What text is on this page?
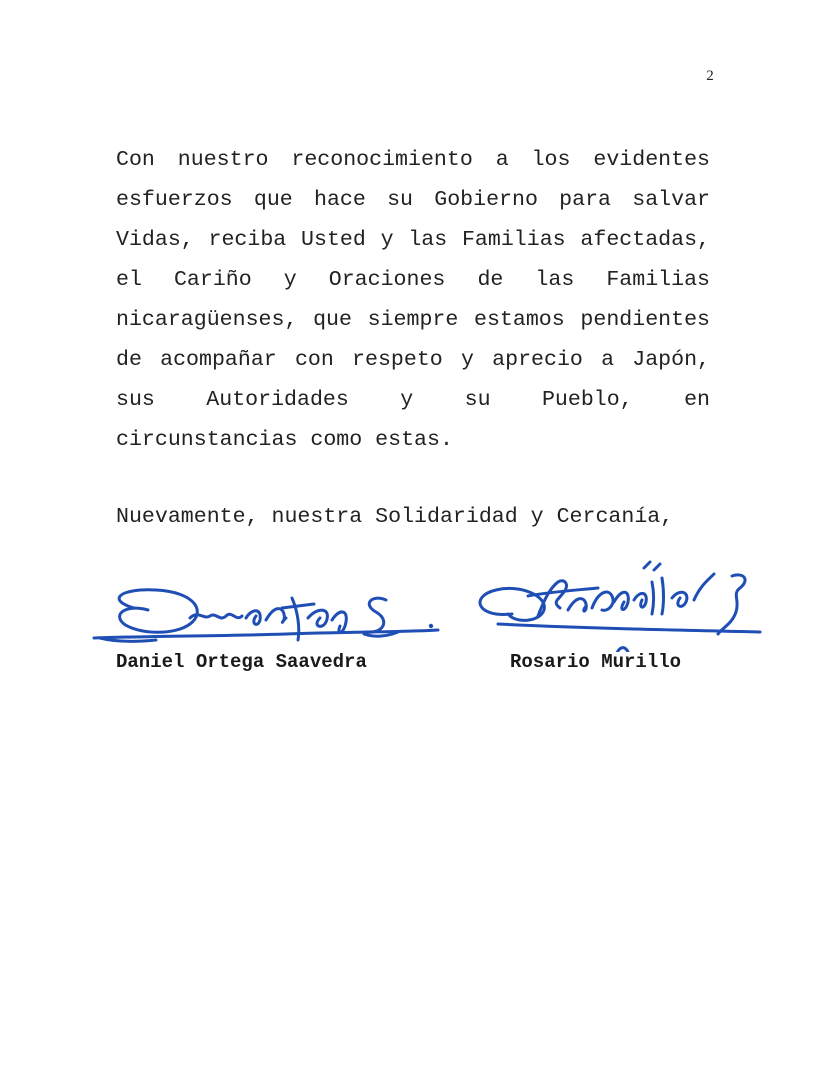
2
Con nuestro reconocimiento a los evidentes
esfuerzos que hace su Gobierno para salvar
Vidas, reciba Usted y las Familias afectadas,
el Cariño y Oraciones de las Familias
nicaragüenses, que siempre estamos pendientes
de acompañar con respeto y aprecio a Japón,
sus Autoridades y su Pueblo, en
circunstancias como estas.
Nuevamente, nuestra Solidaridad y Cercanía,
Daniel Ortega Saavedra	Rosario Murillo
